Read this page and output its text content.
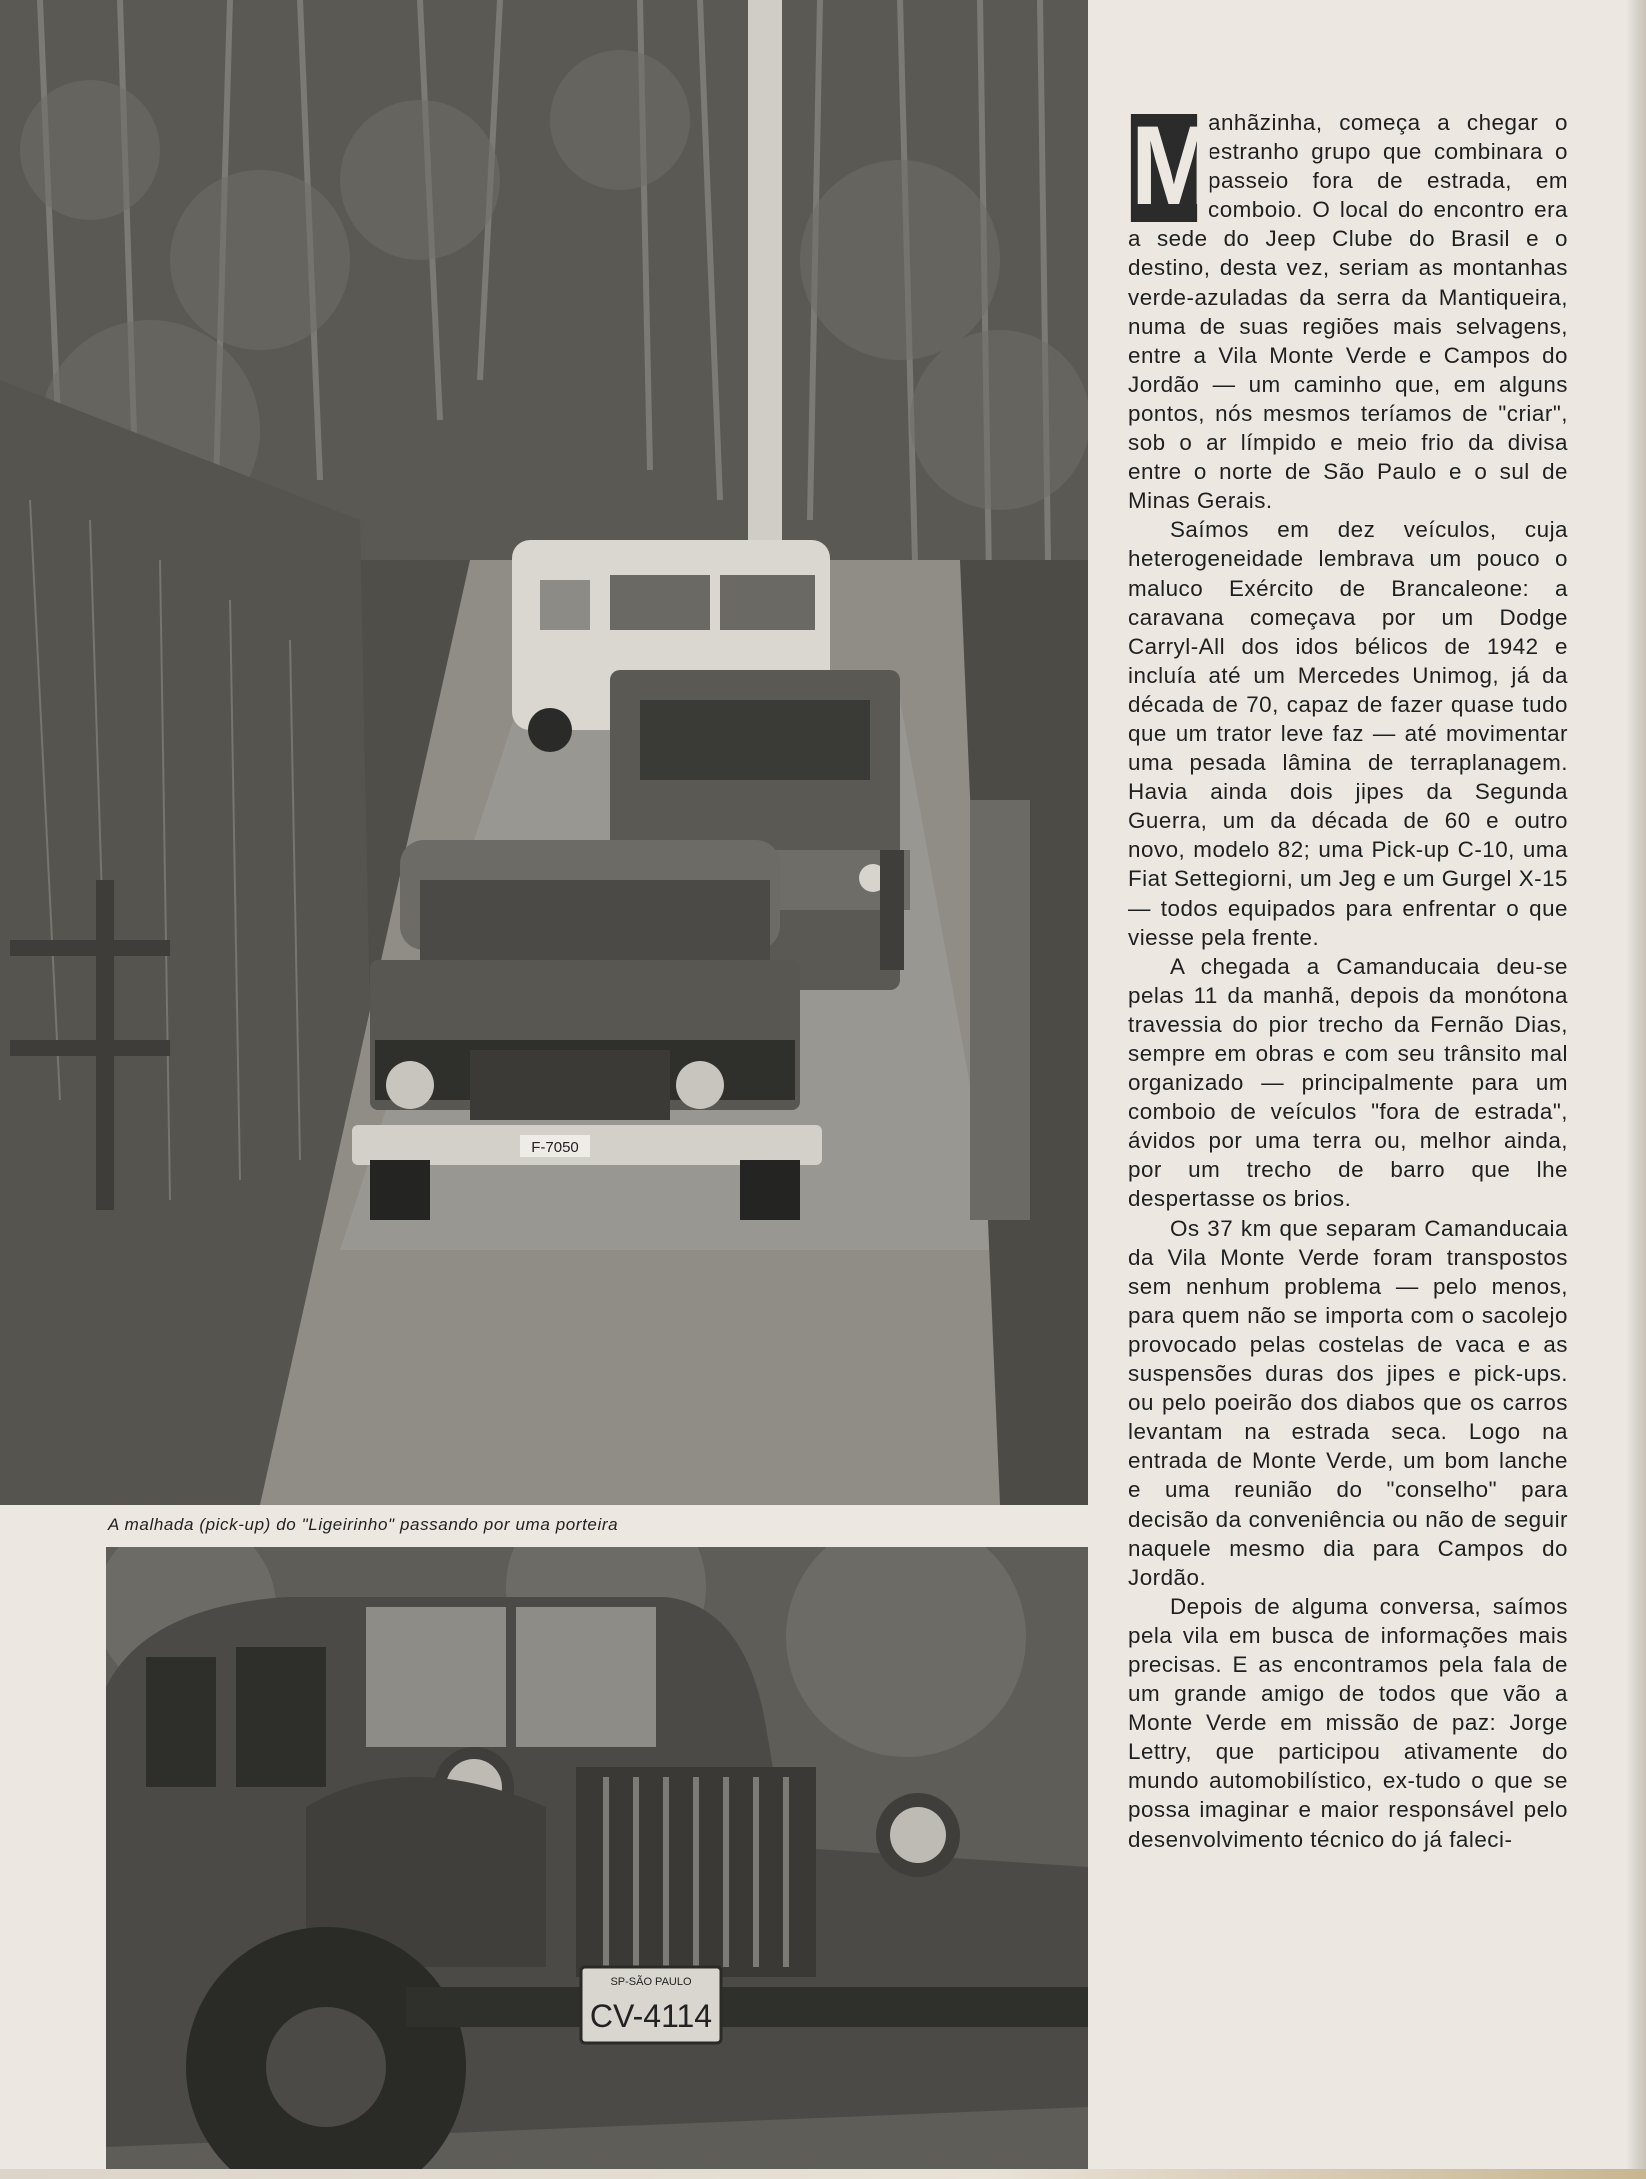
F-7050
A malhada (pick-up) do "Ligeirinho" passando por uma porteira
SP-SÃO PAULO
CV-4114

M
anhãzinha, começa a chegar o estranho grupo que combinara o passeio fora de estrada, em comboio. O local do encontro era a sede do Jeep Clube do Brasil e o destino, desta vez, seriam as montanhas verde-azuladas da serra da Mantiqueira, numa de suas regiões mais selvagens, entre a Vila Monte Verde e Campos do Jordão — um caminho que, em alguns pontos, nós mesmos teríamos de "criar", sob o ar límpido e meio frio da divisa entre o norte de São Paulo e o sul de Minas Gerais.

Saímos em dez veículos, cuja heterogeneidade lembrava um pouco o maluco Exército de Brancaleone: a caravana começava por um Dodge Carryl-All dos idos bélicos de 1942 e incluía até um Mercedes Unimog, já da década de 70, capaz de fazer quase tudo que um trator leve faz — até movimentar uma pesada lâmina de terraplanagem. Havia ainda dois jipes da Segunda Guerra, um da década de 60 e outro novo, modelo 82; uma Pick-up C-10, uma Fiat Settegiorni, um Jeg e um Gurgel X-15 — todos equipados para enfrentar o que viesse pela frente.

A chegada a Camanducaia deu-se pelas 11 da manhã, depois da monótona travessia do pior trecho da Fernão Dias, sempre em obras e com seu trânsito mal organizado — principalmente para um comboio de veículos "fora de estrada", ávidos por uma terra ou, melhor ainda, por um trecho de barro que lhe despertasse os brios.

Os 37 km que separam Camanducaia da Vila Monte Verde foram transpostos sem nenhum problema — pelo menos, para quem não se importa com o sacolejo provocado pelas costelas de vaca e as suspensões duras dos jipes e pick-ups. ou pelo poeirão dos diabos que os carros levantam na estrada seca. Logo na entrada de Monte Verde, um bom lanche e uma reunião do "conselho" para decisão da conveniência ou não de seguir naquele mesmo dia para Campos do Jordão.

Depois de alguma conversa, saímos pela vila em busca de informações mais precisas. E as encontramos pela fala de um grande amigo de todos que vão a Monte Verde em missão de paz: Jorge Lettry, que participou ativamente do mundo automobilístico, ex-tudo o que se possa imaginar e maior responsável pelo desenvolvimento técnico do já faleci-
